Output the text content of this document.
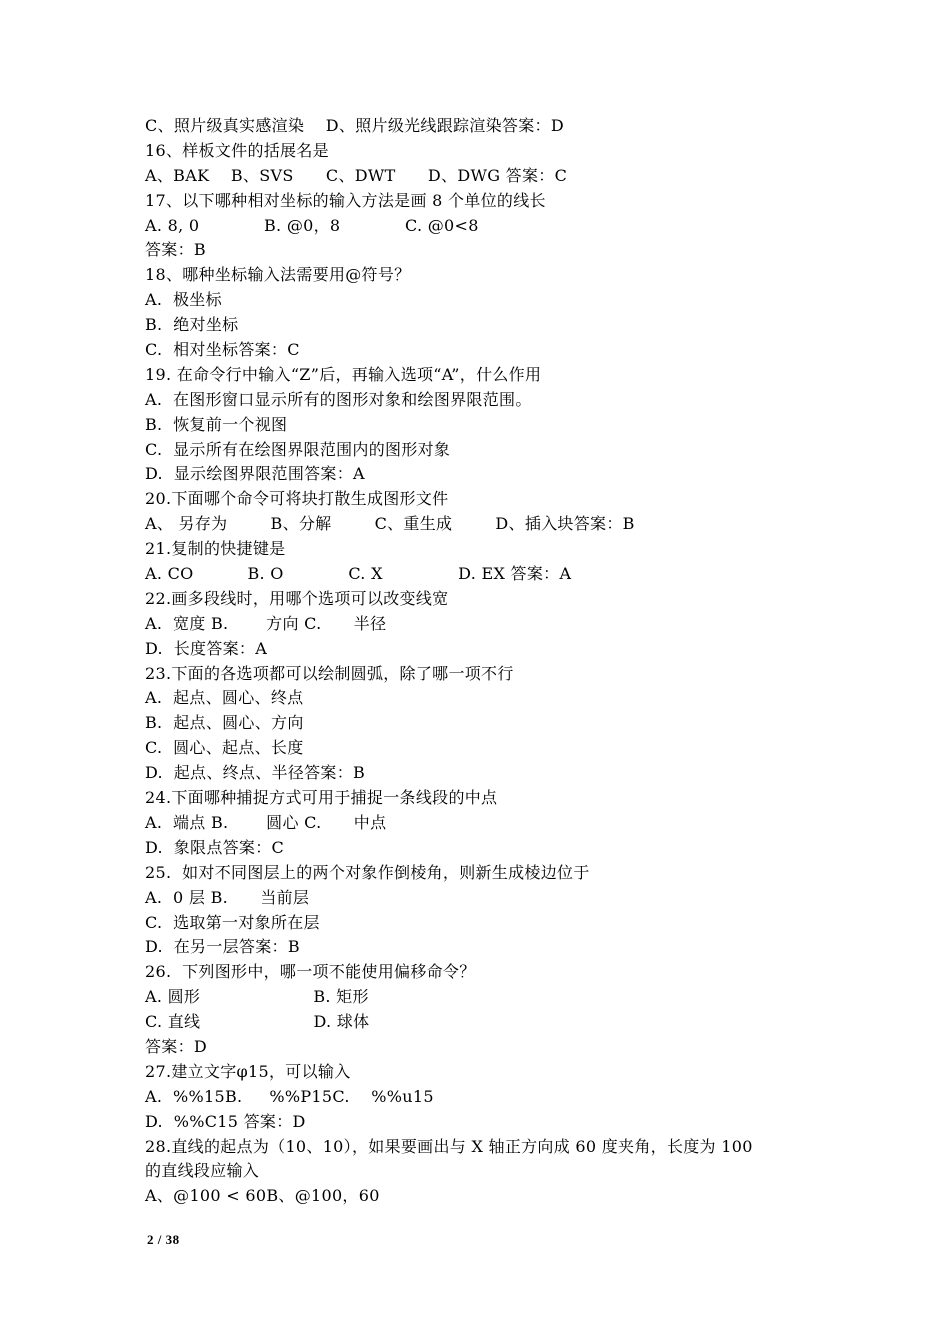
C、照片级真实感渲染    D、照片级光线跟踪渲染答案：D
16、样板文件的括展名是
A、BAK    B、SVS      C、DWT      D、DWG 答案：C
17、以下哪种相对坐标的输入方法是画 8 个单位的线长
A. 8, 0            B. @0，8            C. @0<8
答案：B
18、哪种坐标输入法需要用@符号？
A.  极坐标
B.  绝对坐标
C.  相对坐标答案：C
19. 在命令行中输入“Z”后，再输入选项“A”，什么作用
A.  在图形窗口显示所有的图形对象和绘图界限范围。
B.  恢复前一个视图
C.  显示所有在绘图界限范围内的图形对象
D.  显示绘图界限范围答案：A
20.下面哪个命令可将块打散生成图形文件
A、 另存为        B、分解        C、重生成        D、插入块答案：B
21.复制的快捷键是
A. CO          B. O            C. X              D. EX 答案：A
22.画多段线时，用哪个选项可以改变线宽
A.  宽度 B.       方向 C.      半径
D.  长度答案：A
23.下面的各选项都可以绘制圆弧，除了哪一项不行
A.  起点、圆心、终点
B.  起点、圆心、方向
C.  圆心、起点、长度
D.  起点、终点、半径答案：B
24.下面哪种捕捉方式可用于捕捉一条线段的中点
A.  端点 B.       圆心 C.      中点
D.  象限点答案：C
25.  如对不同图层上的两个对象作倒棱角，则新生成棱边位于
A.  0 层 B.      当前层
C.  选取第一对象所在层
D.  在另一层答案：B
26.  下列图形中，哪一项不能使用偏移命令？
A. 圆形                     B. 矩形
C. 直线                     D. 球体
答案：D
27.建立文字φ15，可以输入
A.  %%15B.     %%P15C.    %%u15
D.  %%C15 答案：D
28.直线的起点为（10、10），如果要画出与 X 轴正方向成 60 度夹角，长度为 100
的直线段应输入
A、@100 < 60B、@100，60
2 / 38
